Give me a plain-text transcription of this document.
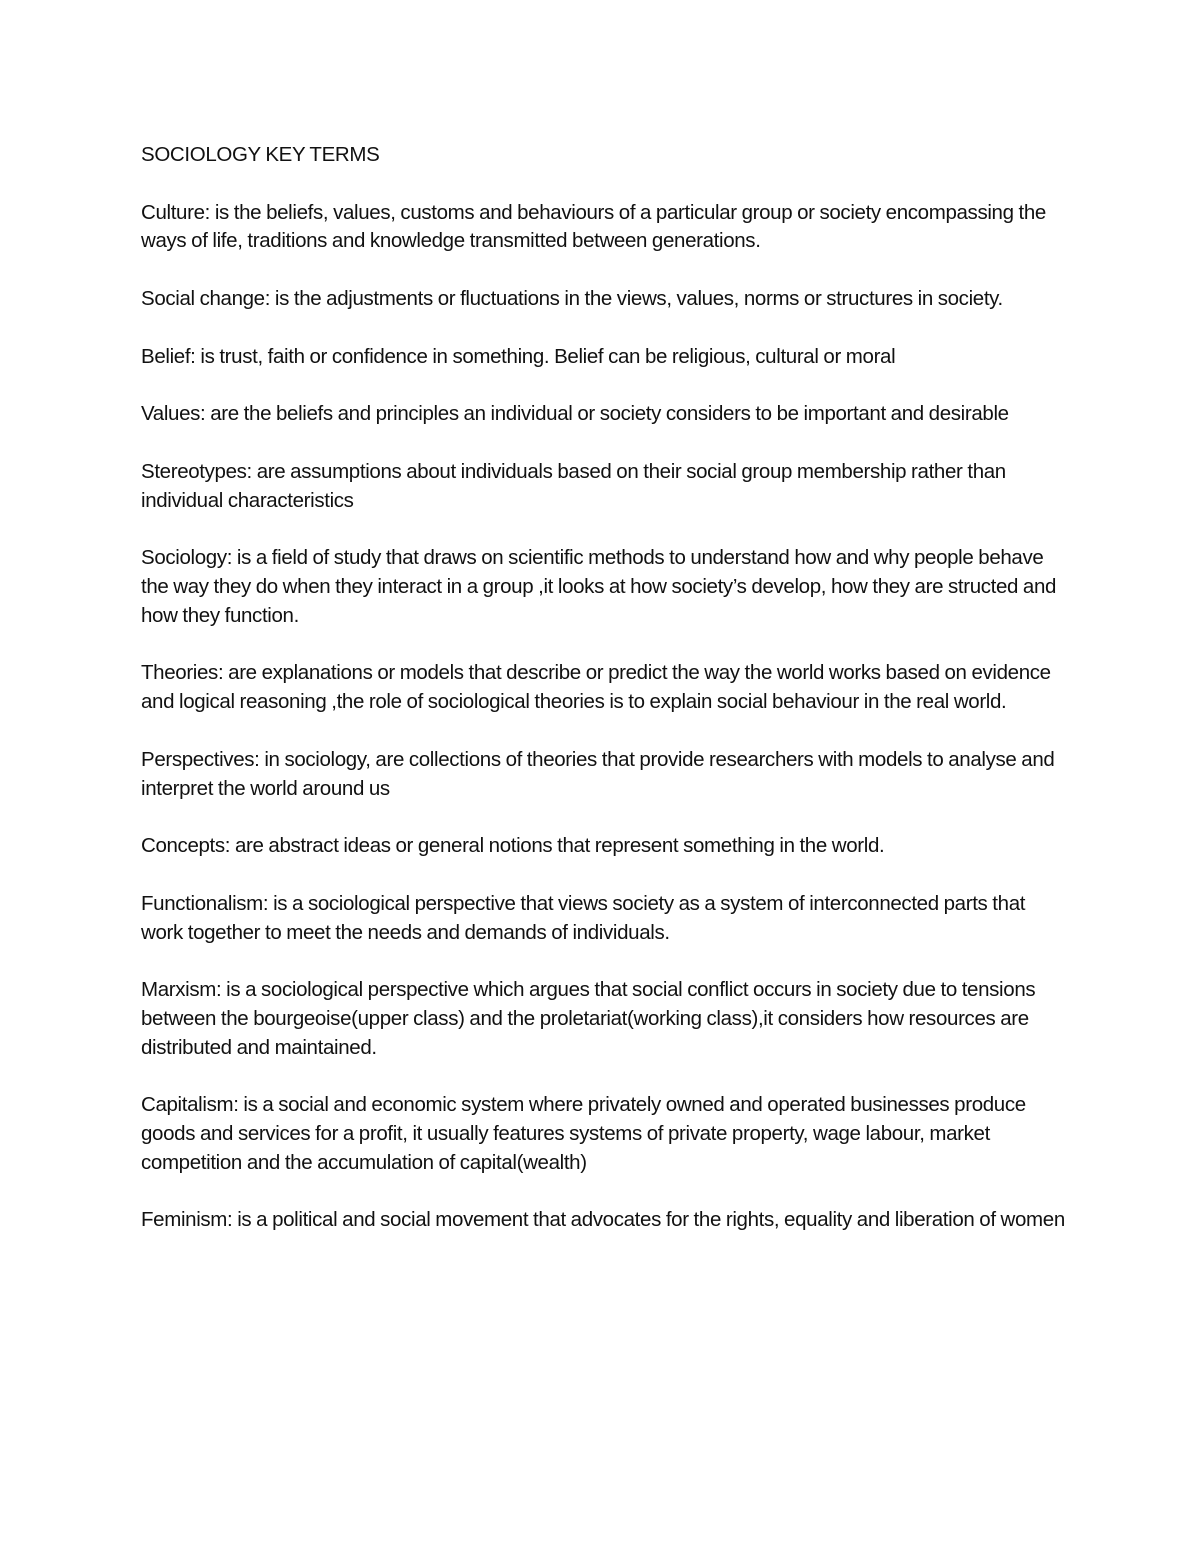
SOCIOLOGY KEY TERMS

Culture: is the beliefs, values, customs and behaviours of a particular group or society encompassing the ways of life, traditions and knowledge transmitted between generations.

Social change: is the adjustments or fluctuations in the views, values, norms or structures in society.

Belief: is trust, faith or confidence in something. Belief can be religious, cultural or moral

Values: are the beliefs and principles an individual or society considers to be important and desirable

Stereotypes: are assumptions about individuals based on their social group membership rather than individual characteristics

Sociology: is a field of study that draws on scientific methods to understand how and why people behave the way they do when they interact in a group ,it looks at how society’s develop, how they are structed and how they function.

Theories: are explanations or models that describe or predict the way the world works based on evidence and logical reasoning ,the role of sociological theories is to explain social behaviour in the real world.

Perspectives: in sociology, are collections of theories that provide researchers with models to analyse and interpret the world around us

Concepts: are abstract ideas or general notions that represent something in the world.

Functionalism: is a sociological perspective that views society as a system of interconnected parts that work together to meet the needs and demands of individuals.

Marxism: is a sociological perspective which argues that social conflict occurs in society due to tensions between the bourgeoise(upper class) and the proletariat(working class),it considers how resources are distributed and maintained.

Capitalism: is a social and economic system where privately owned and operated businesses produce goods and services for a profit, it usually features systems of private property, wage labour, market competition and the accumulation of capital(wealth)

Feminism: is a political and social movement that advocates for the rights, equality and liberation of women
